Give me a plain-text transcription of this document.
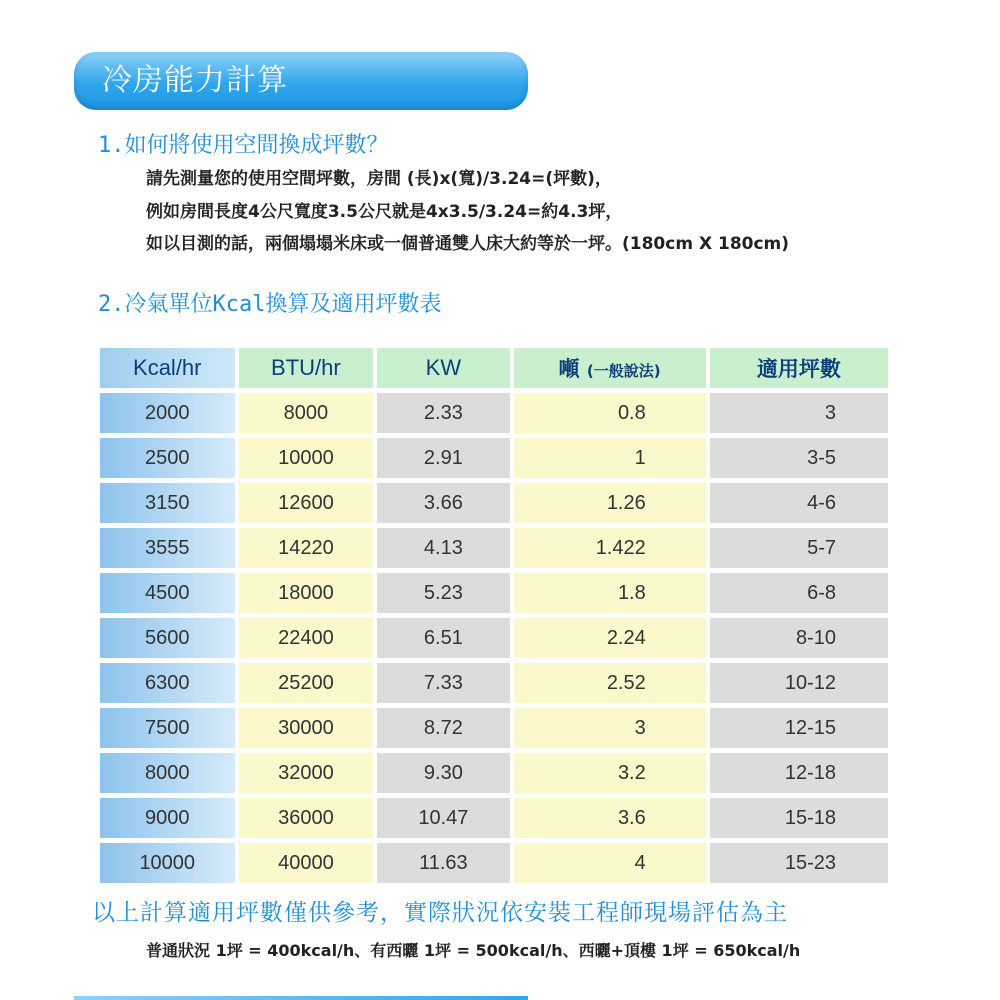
冷房能力計算
1.如何將使用空間換成坪數？
請先測量您的使用空間坪數，房間 (長)x(寬)/3.24=(坪數)，
例如房間長度4公尺寬度3.5公尺就是4x3.5/3.24=約4.3坪，
如以目測的話，兩個塌塌米床或一個普通雙人床大約等於一坪。(180cm X 180cm)
2.冷氣單位Kcal換算及適用坪數表
Kcal/hr	BTU/hr	KW	噸 (一般說法)	適用坪數
2000	8000	2.33	0.8	3
2500	10000	2.91	1	3-5
3150	12600	3.66	1.26	4-6
3555	14220	4.13	1.422	5-7
4500	18000	5.23	1.8	6-8
5600	22400	6.51	2.24	8-10
6300	25200	7.33	2.52	10-12
7500	30000	8.72	3	12-15
8000	32000	9.30	3.2	12-18
9000	36000	10.47	3.6	15-18
10000	40000	11.63	4	15-23
以上計算適用坪數僅供參考，實際狀況依安裝工程師現場評估為主
普通狀況 1坪 = 400kcal/h、有西曬 1坪 = 500kcal/h、西曬+頂樓 1坪 = 650kcal/h
